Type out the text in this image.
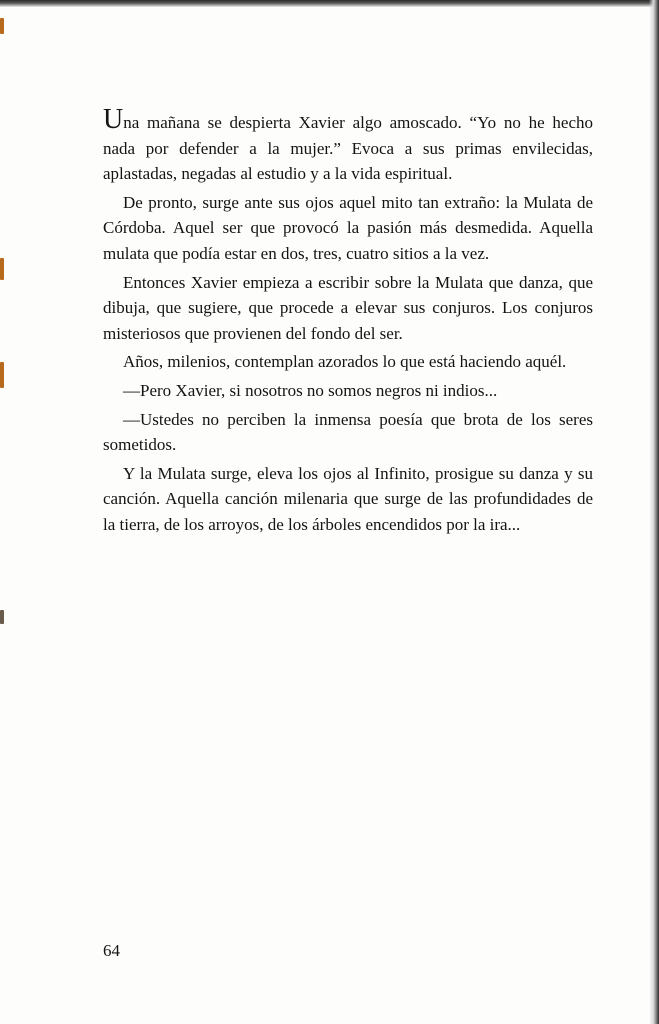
Una mañana se despierta Xavier algo amoscado. “Yo no he hecho nada por defender a la mujer.” Evoca a sus primas envilecidas, aplastadas, negadas al estudio y a la vida espiritual.

De pronto, surge ante sus ojos aquel mito tan extraño: la Mulata de Córdoba. Aquel ser que provocó la pasión más desmedida. Aquella mulata que podía estar en dos, tres, cuatro sitios a la vez.

Entonces Xavier empieza a escribir sobre la Mulata que danza, que dibuja, que sugiere, que procede a elevar sus conjuros. Los conjuros misteriosos que provienen del fondo del ser.

Años, milenios, contemplan azorados lo que está haciendo aquél.

—Pero Xavier, si nosotros no somos negros ni indios...

—Ustedes no perciben la inmensa poesía que brota de los seres sometidos.

Y la Mulata surge, eleva los ojos al Infinito, prosigue su danza y su canción. Aquella canción milenaria que surge de las profundidades de la tierra, de los arroyos, de los árboles encendidos por la ira...

64
